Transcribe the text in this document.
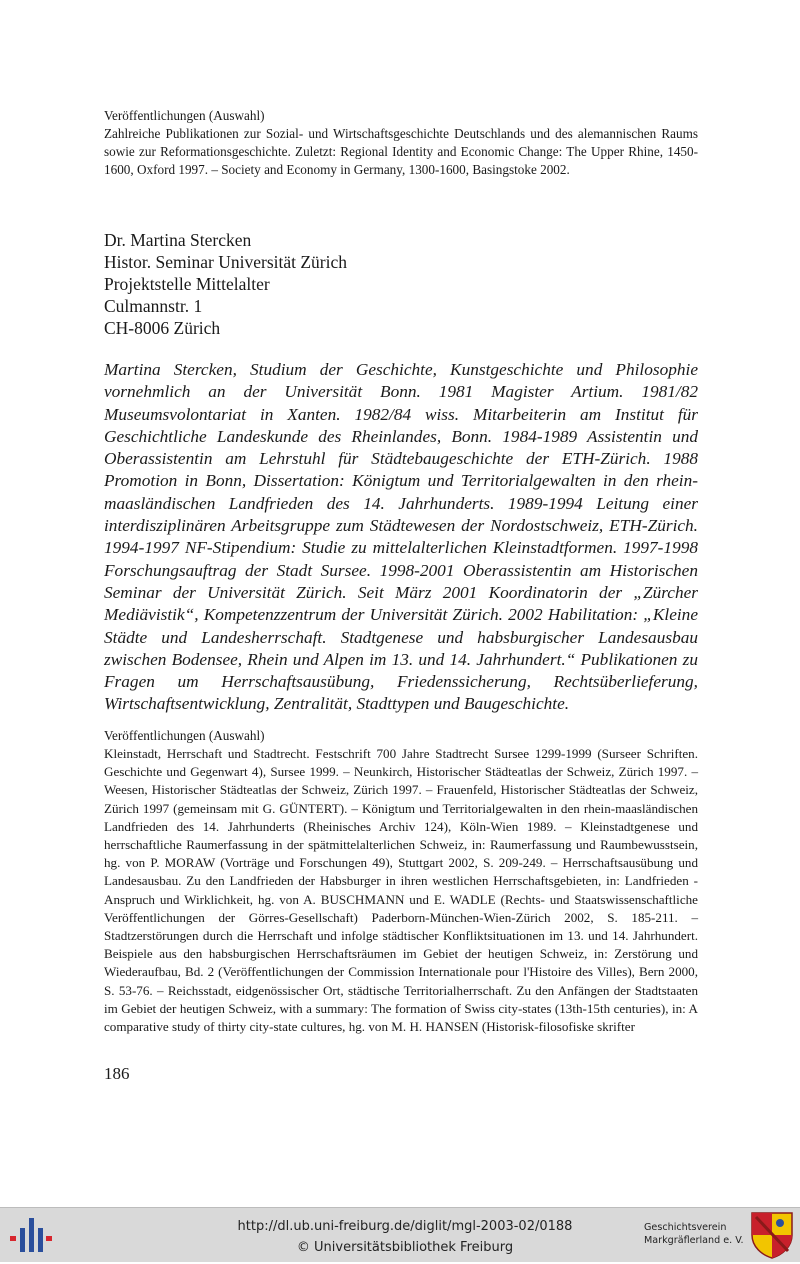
Veröffentlichungen (Auswahl)
Zahlreiche Publikationen zur Sozial- und Wirtschaftsgeschichte Deutschlands und des alemannischen Raums sowie zur Reformationsgeschichte. Zuletzt: Regional Identity and Economic Change: The Upper Rhine, 1450-1600, Oxford 1997. – Society and Economy in Germany, 1300-1600, Basingstoke 2002.
Dr. Martina Stercken
Histor. Seminar Universität Zürich
Projektstelle Mittelalter
Culmannstr. 1
CH-8006 Zürich
Martina Stercken, Studium der Geschichte, Kunstgeschichte und Philosophie vornehmlich an der Universität Bonn. 1981 Magister Artium. 1981/82 Museumsvolontariat in Xanten. 1982/84 wiss. Mitarbeiterin am Institut für Geschichtliche Landeskunde des Rheinlandes, Bonn. 1984-1989 Assistentin und Oberassistentin am Lehrstuhl für Städtebaugeschichte der ETH-Zürich. 1988 Promotion in Bonn, Dissertation: Königtum und Territorialgewalten in den rhein-maasländischen Landfrieden des 14. Jahrhunderts. 1989-1994 Leitung einer interdisziplinären Arbeitsgruppe zum Städtewesen der Nordostschweiz, ETH-Zürich. 1994-1997 NF-Stipendium: Studie zu mittelalterlichen Kleinstadtformen. 1997-1998 Forschungsauftrag der Stadt Sursee. 1998-2001 Oberassistentin am Historischen Seminar der Universität Zürich. Seit März 2001 Koordinatorin der „Zürcher Mediävistik“, Kompetenzzentrum der Universität Zürich. 2002 Habilitation: „Kleine Städte und Landesherrschaft. Stadtgenese und habsburgischer Landesausbau zwischen Bodensee, Rhein und Alpen im 13. und 14. Jahrhundert.“ Publikationen zu Fragen um Herrschaftsausübung, Friedenssicherung, Rechtsüberlieferung, Wirtschaftsentwicklung, Zentralität, Stadttypen und Baugeschichte.
Veröffentlichungen (Auswahl)
Kleinstadt, Herrschaft und Stadtrecht. Festschrift 700 Jahre Stadtrecht Sursee 1299-1999 (Surseer Schriften. Geschichte und Gegenwart 4), Sursee 1999. – Neunkirch, Historischer Städteatlas der Schweiz, Zürich 1997. – Weesen, Historischer Städteatlas der Schweiz, Zürich 1997. – Frauenfeld, Historischer Städteatlas der Schweiz, Zürich 1997 (gemeinsam mit G. GÜNTERT). – Königtum und Territorialgewalten in den rhein-maasländischen Landfrieden des 14. Jahrhunderts (Rheinisches Archiv 124), Köln-Wien 1989. – Kleinstadtgenese und herrschaftliche Raumerfassung in der spätmittelalterlichen Schweiz, in: Raumerfassung und Raumbewusstsein, hg. von P. MORAW (Vorträge und Forschungen 49), Stuttgart 2002, S. 209-249. – Herrschaftsausübung und Landesausbau. Zu den Landfrieden der Habsburger in ihren westlichen Herrschaftsgebieten, in: Landfrieden - Anspruch und Wirklichkeit, hg. von A. BUSCHMANN und E. WADLE (Rechts- und Staatswissenschaftliche Veröffentlichungen der Görres-Gesellschaft) Paderborn-München-Wien-Zürich 2002, S. 185-211. – Stadtzerstörungen durch die Herrschaft und infolge städtischer Konfliktsituationen im 13. und 14. Jahrhundert. Beispiele aus den habsburgischen Herrschaftsräumen im Gebiet der heutigen Schweiz, in: Zerstörung und Wiederaufbau, Bd. 2 (Veröffentlichungen der Commission Internationale pour l'Histoire des Villes), Bern 2000, S. 53-76. – Reichsstadt, eidgenössischer Ort, städtische Territorialherrschaft. Zu den Anfängen der Stadtstaaten im Gebiet der heutigen Schweiz, with a summary: The formation of Swiss city-states (13th-15th centuries), in: A comparative study of thirty city-state cultures, hg. von M. H. HANSEN (Historisk-filosofiske skrifter
186
http://dl.ub.uni-freiburg.de/diglit/mgl-2003-02/0188
© Universitätsbibliothek Freiburg
Geschichtsverein
Markgräflerland e. V.
